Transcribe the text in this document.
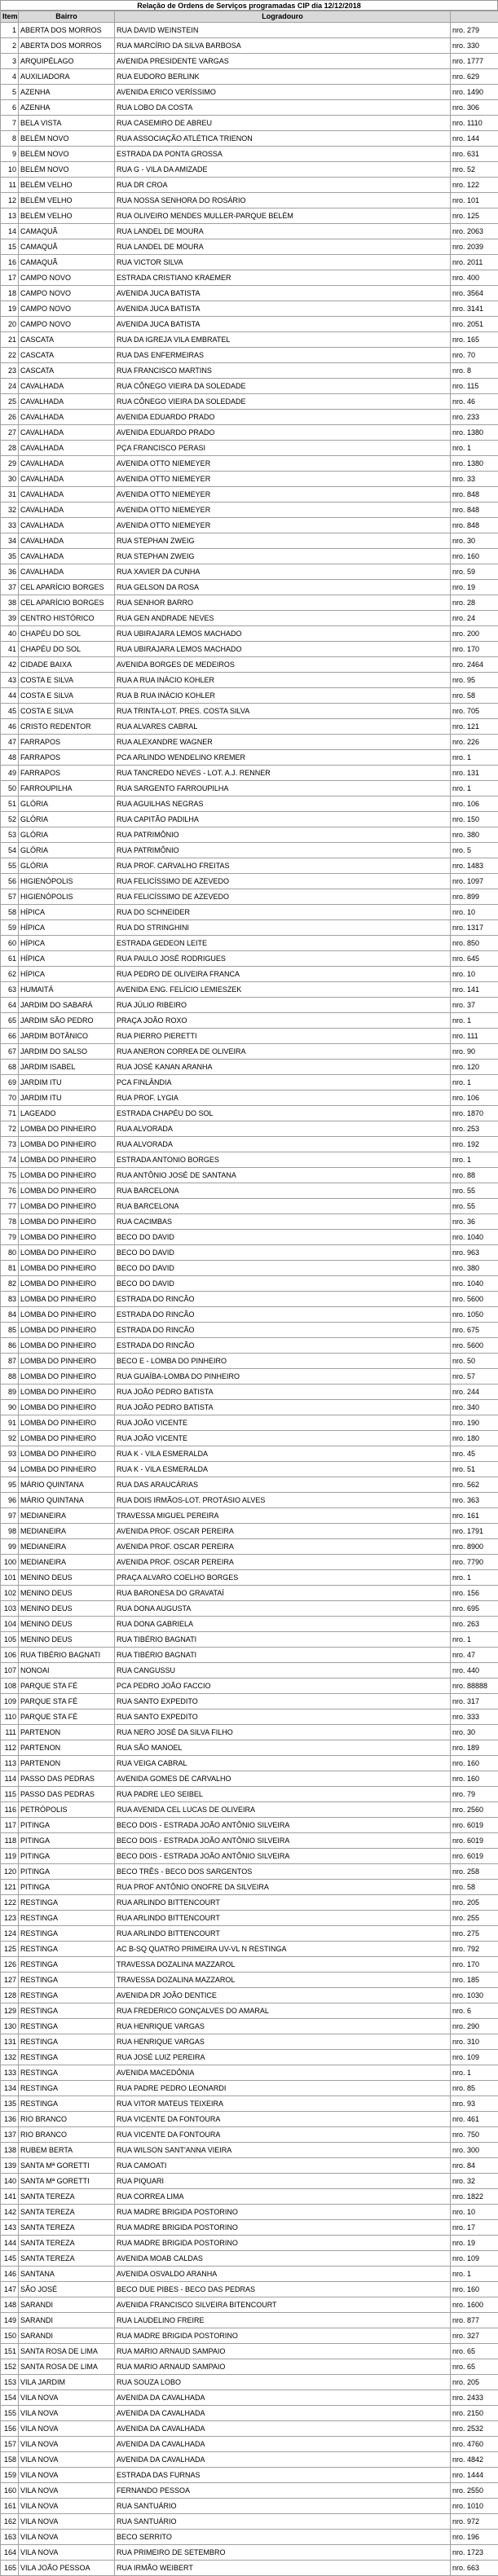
Relação de Ordens de Serviços programadas CIP dia 12/12/2018
Item	Bairro	Logradouro	
1	ABERTA DOS MORROS	RUA DAVID WEINSTEIN	nro. 279
2	ABERTA DOS MORROS	RUA MARCÍRIO DA SILVA BARBOSA	nro. 330
3	ARQUIPÉLAGO	AVENIDA PRESIDENTE VARGAS	nro. 1777
4	AUXILIADORA	RUA EUDORO BERLINK	nro. 629
5	AZENHA	AVENIDA ERICO VERÍSSIMO	nro. 1490
6	AZENHA	RUA LOBO DA COSTA	nro. 306
7	BELA VISTA	RUA CASEMIRO DE ABREU	nro. 1110
8	BELÉM NOVO	RUA ASSOCIAÇÃO ATLÉTICA TRIENON	nro. 144
9	BELÉM NOVO	ESTRADA DA PONTA GROSSA	nro. 631
10	BELÉM NOVO	RUA G - VILA DA AMIZADE	nro. 52
11	BELÉM VELHO	RUA DR CROA	nro. 122
12	BELÉM VELHO	RUA NOSSA SENHORA DO ROSÁRIO	nro. 101
13	BELÉM VELHO	RUA OLIVEIRO MENDES MULLER-PARQUE BELÉM	nro. 125
14	CAMAQUÃ	RUA LANDEL DE MOURA	nro. 2063
15	CAMAQUÃ	RUA LANDEL DE MOURA	nro. 2039
16	CAMAQUÃ	RUA VICTOR SILVA	nro. 2011
17	CAMPO NOVO	ESTRADA CRISTIANO KRAEMER	nro. 400
18	CAMPO NOVO	AVENIDA JUCA BATISTA	nro. 3564
19	CAMPO NOVO	AVENIDA JUCA BATISTA	nro. 3141
20	CAMPO NOVO	AVENIDA JUCA BATISTA	nro. 2051
21	CASCATA	RUA DA IGREJA VILA EMBRATEL	nro. 165
22	CASCATA	RUA DAS ENFERMEIRAS	nro. 70
23	CASCATA	RUA FRANCISCO MARTINS	nro. 8
24	CAVALHADA	RUA CÔNEGO VIEIRA DA SOLEDADE	nro. 115
25	CAVALHADA	RUA CÔNEGO VIEIRA DA SOLEDADE	nro. 46
26	CAVALHADA	AVENIDA EDUARDO PRADO	nro. 233
27	CAVALHADA	AVENIDA EDUARDO PRADO	nro. 1380
28	CAVALHADA	PÇA FRANCISCO PERASI	nro. 1
29	CAVALHADA	AVENIDA OTTO NIEMEYER	nro. 1380
30	CAVALHADA	AVENIDA OTTO NIEMEYER	nro. 33
31	CAVALHADA	AVENIDA OTTO NIEMEYER	nro. 848
32	CAVALHADA	AVENIDA OTTO NIEMEYER	nro. 848
33	CAVALHADA	AVENIDA OTTO NIEMEYER	nro. 848
34	CAVALHADA	RUA STEPHAN ZWEIG	nro. 30
35	CAVALHADA	RUA STEPHAN ZWEIG	nro. 160
36	CAVALHADA	RUA XAVIER DA CUNHA	nro. 59
37	CEL APARÍCIO BORGES	RUA GELSON DA ROSA	nro. 19
38	CEL APARÍCIO BORGES	RUA SENHOR BARRO	nro. 28
39	CENTRO HISTÓRICO	RUA GEN ANDRADE NEVES	nro. 24
40	CHAPÉU DO SOL	RUA UBIRAJARA LEMOS MACHADO	nro. 200
41	CHAPÉU DO SOL	RUA UBIRAJARA LEMOS MACHADO	nro. 170
42	CIDADE BAIXA	AVENIDA BORGES DE MEDEIROS	nro. 2464
43	COSTA E SILVA	RUA A RUA INÁCIO KOHLER	nro. 95
44	COSTA E SILVA	RUA B RUA INÁCIO KOHLER	nro. 58
45	COSTA E SILVA	RUA TRINTA-LOT. PRES. COSTA SILVA	nro. 705
46	CRISTO REDENTOR	RUA ALVARES CABRAL	nro. 121
47	FARRAPOS	RUA ALEXANDRE WAGNER	nro. 226
48	FARRAPOS	PCA ARLINDO WENDELINO KREMER	nro. 1
49	FARRAPOS	RUA TANCREDO NEVES - LOT. A.J. RENNER	nro. 131
50	FARROUPILHA	RUA SARGENTO FARROUPILHA	nro. 1
51	GLÓRIA	RUA AGUILHAS NEGRAS	nro. 106
52	GLÓRIA	RUA CAPITÃO PADILHA	nro. 150
53	GLÓRIA	RUA PATRIMÔNIO	nro. 380
54	GLÓRIA	RUA PATRIMÔNIO	nro. 5
55	GLÓRIA	RUA PROF. CARVALHO FREITAS	nro. 1483
56	HIGIENÓPOLIS	RUA FELICÍSSIMO DE AZEVEDO	nro. 1097
57	HIGIENÓPOLIS	RUA FELICÍSSIMO DE AZEVEDO	nro. 899
58	HÍPICA	RUA DO SCHNEIDER	nro. 10
59	HÍPICA	RUA DO STRINGHINI	nro. 1317
60	HÍPICA	ESTRADA GEDEON LEITE	nro. 850
61	HÍPICA	RUA PAULO JOSÉ RODRIGUES	nro. 645
62	HÍPICA	RUA PEDRO DE OLIVEIRA FRANCA	nro. 10
63	HUMAITÁ	AVENIDA ENG. FELÍCIO LEMIESZEK	nro. 141
64	JARDIM DO SABARÁ	RUA JÚLIO RIBEIRO	nro. 37
65	JARDIM SÃO PEDRO	PRAÇA JOÃO ROXO	nro. 1
66	JARDIM BOTÂNICO	RUA PIERRO PIERETTI	nro. 111
67	JARDIM DO SALSO	RUA ANERON CORREA DE OLIVEIRA	nro. 90
68	JARDIM ISABEL	RUA JOSÉ KANAN ARANHA	nro. 120
69	JARDIM ITU	PCA FINLÂNDIA	nro. 1
70	JARDIM ITU	RUA PROF. LYGIA	nro. 106
71	LAGEADO	ESTRADA CHAPÉU DO SOL	nro. 1870
72	LOMBA DO PINHEIRO	RUA ALVORADA	nro. 253
73	LOMBA DO PINHEIRO	RUA ALVORADA	nro. 192
74	LOMBA DO PINHEIRO	ESTRADA ANTONIO BORGES	nro. 1
75	LOMBA DO PINHEIRO	RUA ANTÔNIO JOSÉ DE SANTANA	nro. 88
76	LOMBA DO PINHEIRO	RUA BARCELONA	nro. 55
77	LOMBA DO PINHEIRO	RUA BARCELONA	nro. 55
78	LOMBA DO PINHEIRO	RUA CACIMBAS	nro. 36
79	LOMBA DO PINHEIRO	BECO DO DAVID	nro. 1040
80	LOMBA DO PINHEIRO	BECO DO DAVID	nro. 963
81	LOMBA DO PINHEIRO	BECO DO DAVID	nro. 380
82	LOMBA DO PINHEIRO	BECO DO DAVID	nro. 1040
83	LOMBA DO PINHEIRO	ESTRADA DO RINCÃO	nro. 5600
84	LOMBA DO PINHEIRO	ESTRADA DO RINCÃO	nro. 1050
85	LOMBA DO PINHEIRO	ESTRADA DO RINCÃO	nro. 675
86	LOMBA DO PINHEIRO	ESTRADA DO RINCÃO	nro. 5600
87	LOMBA DO PINHEIRO	BECO E - LOMBA DO PINHEIRO	nro. 50
88	LOMBA DO PINHEIRO	RUA GUAÍBA-LOMBA DO PINHEIRO	nro. 57
89	LOMBA DO PINHEIRO	RUA JOÃO PEDRO BATISTA	nro. 244
90	LOMBA DO PINHEIRO	RUA JOÃO PEDRO BATISTA	nro. 340
91	LOMBA DO PINHEIRO	RUA JOÃO VICENTE	nro. 190
92	LOMBA DO PINHEIRO	RUA JOÃO VICENTE	nro. 180
93	LOMBA DO PINHEIRO	RUA K - VILA ESMERALDA	nro. 45
94	LOMBA DO PINHEIRO	RUA K - VILA ESMERALDA	nro. 51
95	MÁRIO QUINTANA	RUA DAS ARAUCÁRIAS	nro. 562
96	MÁRIO QUINTANA	RUA DOIS IRMÃOS-LOT. PROTÁSIO ALVES	nro. 363
97	MEDIANEIRA	TRAVESSA MIGUEL PEREIRA	nro. 161
98	MEDIANEIRA	AVENIDA PROF. OSCAR PEREIRA	nro. 1791
99	MEDIANEIRA	AVENIDA PROF. OSCAR PEREIRA	nro. 8900
100	MEDIANEIRA	AVENIDA PROF. OSCAR PEREIRA	nro. 7790
101	MENINO DEUS	PRAÇA ALVARO COELHO BORGES	nro. 1
102	MENINO DEUS	RUA BARONESA DO GRAVATAÍ	nro. 156
103	MENINO DEUS	RUA DONA AUGUSTA	nro. 695
104	MENINO DEUS	RUA DONA GABRIELA	nro. 263
105	MENINO DEUS	RUA TIBÉRIO BAGNATI	nro. 1
106	RUA TIBÉRIO BAGNATI	RUA TIBÉRIO BAGNATI	nro. 47
107	NONOAI	RUA CANGUSSU	nro. 440
108	PARQUE STA FÉ	PCA PEDRO JOÃO FACCIO	nro. 88888
109	PARQUE STA FÉ	RUA SANTO EXPEDITO	nro. 317
110	PARQUE STA FÉ	RUA SANTO EXPEDITO	nro. 333
111	PARTENON	RUA NERO JOSÉ DA SILVA FILHO	nro. 30
112	PARTENON	RUA SÃO MANOEL	nro. 189
113	PARTENON	RUA VEIGA CABRAL	nro. 160
114	PASSO DAS PEDRAS	AVENIDA GOMES DE CARVALHO	nro. 160
115	PASSO DAS PEDRAS	RUA PADRE LEO SEIBEL	nro. 79
116	PETRÓPOLIS	RUA AVENIDA CEL LUCAS DE OLIVEIRA	nro. 2560
117	PITINGA	BECO DOIS - ESTRADA JOÃO ANTÔNIO SILVEIRA	nro. 6019
118	PITINGA	BECO DOIS - ESTRADA JOÃO ANTÔNIO SILVEIRA	nro. 6019
119	PITINGA	BECO DOIS - ESTRADA JOÃO ANTÔNIO SILVEIRA	nro. 6019
120	PITINGA	BECO TRÊS - BECO DOS SARGENTOS	nro. 258
121	PITINGA	RUA PROF ANTÔNIO ONOFRE DA SILVEIRA	nro. 58
122	RESTINGA	RUA ARLINDO BITTENCOURT	nro. 205
123	RESTINGA	RUA ARLINDO BITTENCOURT	nro. 255
124	RESTINGA	RUA ARLINDO BITTENCOURT	nro. 275
125	RESTINGA	AC B-SQ QUATRO PRIMEIRA UV-VL N RESTINGA	nro. 792
126	RESTINGA	TRAVESSA DOZALINA MAZZAROL	nro. 170
127	RESTINGA	TRAVESSA DOZALINA MAZZAROL	nro. 185
128	RESTINGA	AVENIDA DR JOÃO DENTICE	nro. 1030
129	RESTINGA	RUA FREDERICO GONÇALVES DO AMARAL	nro. 6
130	RESTINGA	RUA HENRIQUE VARGAS	nro. 290
131	RESTINGA	RUA HENRIQUE VARGAS	nro. 310
132	RESTINGA	RUA JOSÉ LUIZ PEREIRA	nro. 109
133	RESTINGA	AVENIDA MACEDÔNIA	nro. 1
134	RESTINGA	RUA PADRE PEDRO LEONARDI	nro. 85
135	RESTINGA	RUA VITOR MATEUS TEIXEIRA	nro. 93
136	RIO BRANCO	RUA VICENTE DA FONTOURA	nro. 461
137	RIO BRANCO	RUA VICENTE DA FONTOURA	nro. 750
138	RUBEM BERTA	RUA WILSON SANT'ANNA VIEIRA	nro. 300
139	SANTA Mª GORETTI	RUA CAMOATI	nro. 84
140	SANTA Mª GORETTI	RUA PIQUARI	nro. 32
141	SANTA TEREZA	RUA CORREA LIMA	nro. 1822
142	SANTA TEREZA	RUA MADRE BRIGIDA POSTORINO	nro. 10
143	SANTA TEREZA	RUA MADRE BRIGIDA POSTORINO	nro. 17
144	SANTA TEREZA	RUA MADRE BRIGIDA POSTORINO	nro. 19
145	SANTA TEREZA	AVENIDA MOAB CALDAS	nro. 109
146	SANTANA	AVENIDA OSVALDO ARANHA	nro. 1
147	SÃO JOSÉ	BECO DUE PIBES - BECO DAS PEDRAS	nro. 160
148	SARANDI	AVENIDA FRANCISCO SILVEIRA BITENCOURT	nro. 1600
149	SARANDI	RUA LAUDELINO FREIRE	nro. 877
150	SARANDI	RUA MADRE BRIGIDA POSTORINO	nro. 327
151	SANTA ROSA DE LIMA	RUA MARIO ARNAUD SAMPAIO	nro. 65
152	SANTA ROSA DE LIMA	RUA MARIO ARNAUD SAMPAIO	nro. 65
153	VILA JARDIM	RUA SOUZA LOBO	nro. 205
154	VILA NOVA	AVENIDA DA CAVALHADA	nro. 2433
155	VILA NOVA	AVENIDA DA CAVALHADA	nro. 2150
156	VILA NOVA	AVENIDA DA CAVALHADA	nro. 2532
157	VILA NOVA	AVENIDA DA CAVALHADA	nro. 4760
158	VILA NOVA	AVENIDA DA CAVALHADA	nro. 4842
159	VILA NOVA	ESTRADA DAS FURNAS	nro. 1444
160	VILA NOVA	FERNANDO PESSOA	nro. 2550
161	VILA NOVA	RUA SANTUÁRIO	nro. 1010
162	VILA NOVA	RUA SANTUÁRIO	nro. 972
163	VILA NOVA	BECO SERRITO	nro. 196
164	VILA NOVA	RUA PRIMEIRO DE SETEMBRO	nro. 1723
165	VILA JOÃO PESSOA	RUA IRMÃO WEIBERT	nro. 663
